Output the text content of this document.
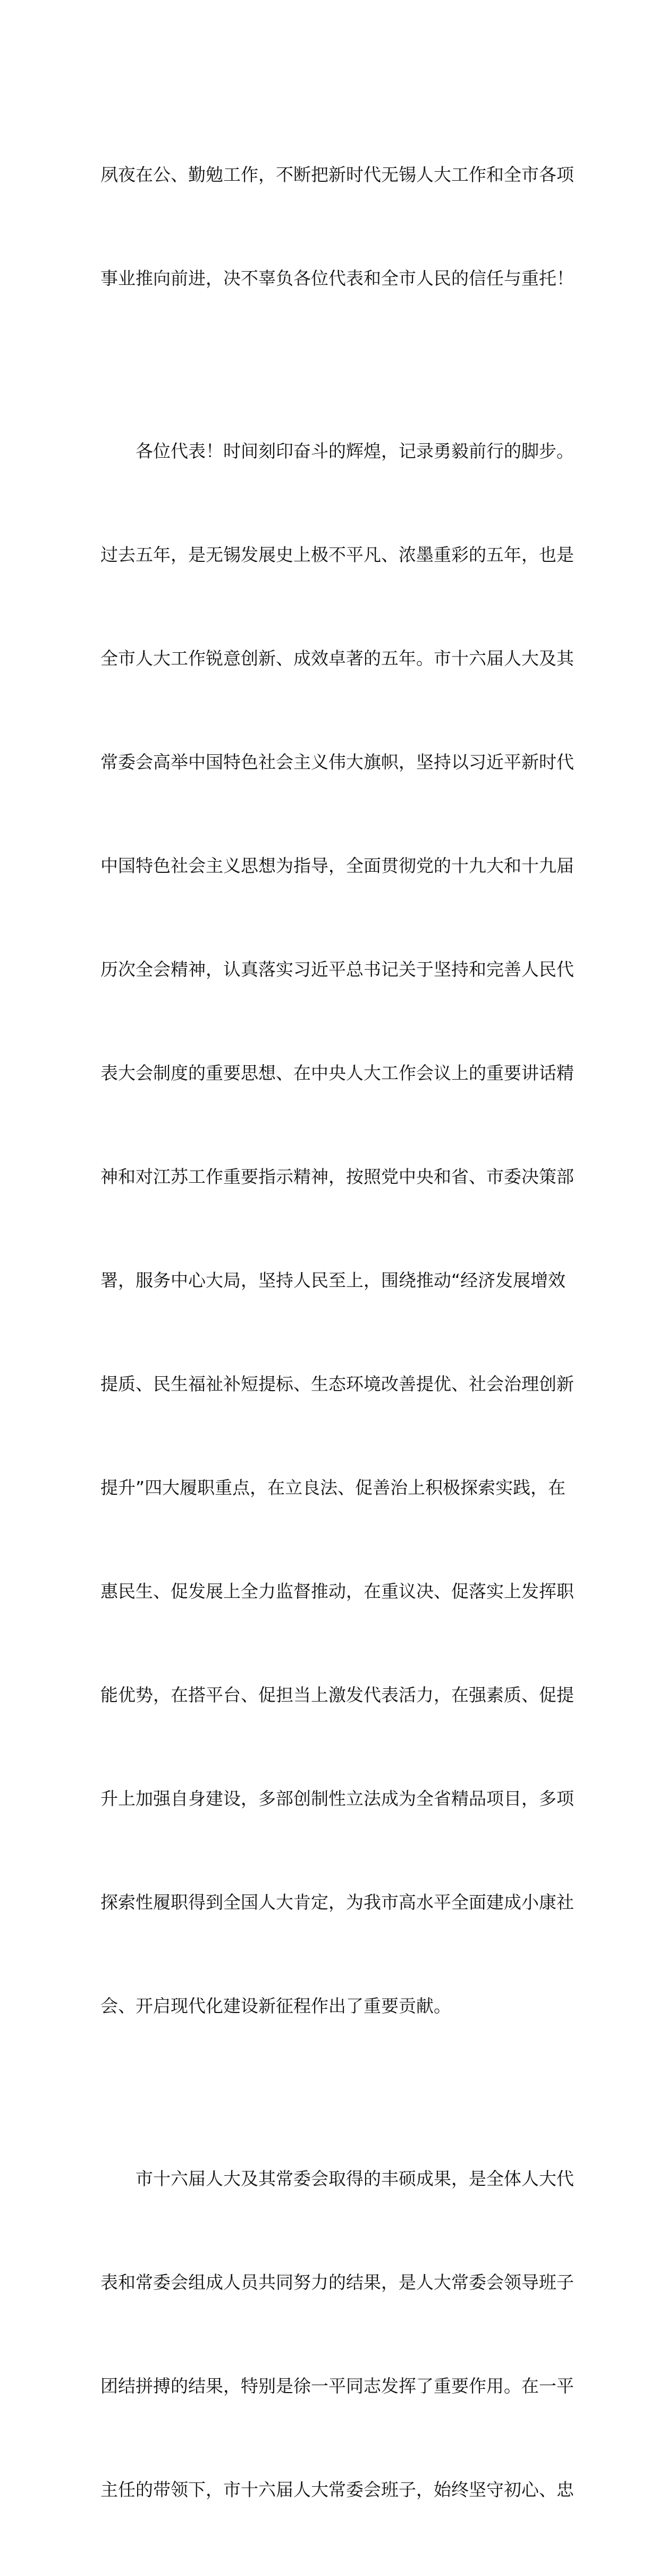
夙夜在公、勤勉工作，不断把新时代无锡人大工作和全市各项

事业推向前进，决不辜负各位代表和全市人民的信任与重托！

　　各位代表！时间刻印奋斗的辉煌，记录勇毅前行的脚步。

过去五年，是无锡发展史上极不平凡、浓墨重彩的五年，也是

全市人大工作锐意创新、成效卓著的五年。市十六届人大及其

常委会高举中国特色社会主义伟大旗帜，坚持以习近平新时代

中国特色社会主义思想为指导，全面贯彻党的十九大和十九届

历次全会精神，认真落实习近平总书记关于坚持和完善人民代

表大会制度的重要思想、在中央人大工作会议上的重要讲话精

神和对江苏工作重要指示精神，按照党中央和省、市委决策部

署，服务中心大局，坚持人民至上，围绕推动“经济发展增效

提质、民生福祉补短提标、生态环境改善提优、社会治理创新

提升”四大履职重点，在立良法、促善治上积极探索实践，在

惠民生、促发展上全力监督推动，在重议决、促落实上发挥职

能优势，在搭平台、促担当上激发代表活力，在强素质、促提

升上加强自身建设，多部创制性立法成为全省精品项目，多项

探索性履职得到全国人大肯定，为我市高水平全面建成小康社

会、开启现代化建设新征程作出了重要贡献。

　　市十六届人大及其常委会取得的丰硕成果，是全体人大代

表和常委会组成人员共同努力的结果，是人大常委会领导班子

团结拼搏的结果，特别是徐一平同志发挥了重要作用。在一平

主任的带领下，市十六届人大常委会班子，始终坚守初心、忠
